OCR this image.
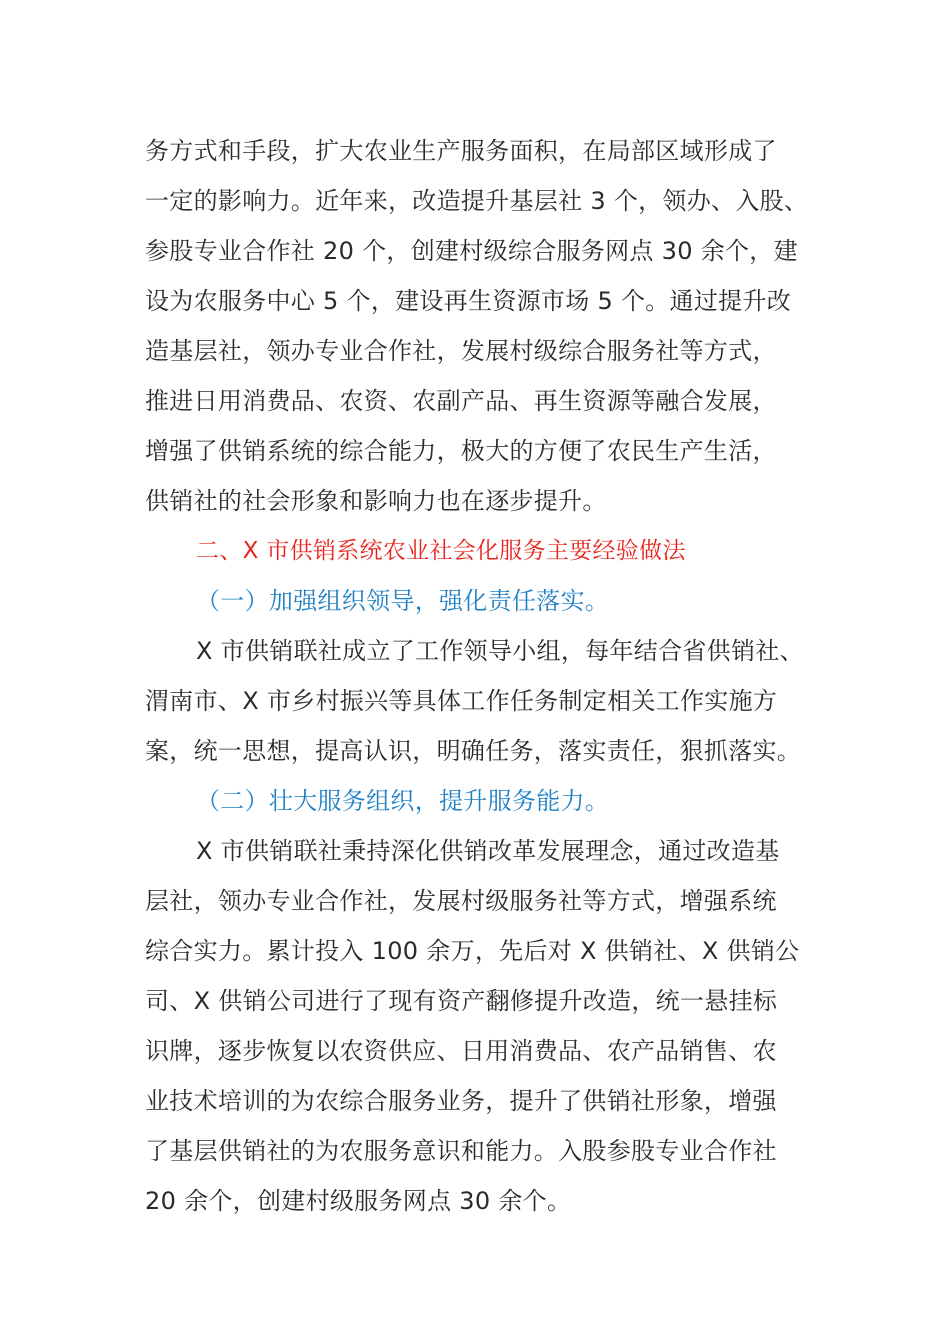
务方式和手段，扩大农业生产服务面积，在局部区域形成了
一定的影响力。近年来，改造提升基层社 3 个，领办、入股、
参股专业合作社 20 个，创建村级综合服务网点 30 余个，建
设为农服务中心 5 个，建设再生资源市场 5 个。通过提升改
造基层社，领办专业合作社，发展村级综合服务社等方式，
推进日用消费品、农资、农副产品、再生资源等融合发展，
增强了供销系统的综合能力，极大的方便了农民生产生活，
供销社的社会形象和影响力也在逐步提升。
二、X 市供销系统农业社会化服务主要经验做法
（一）加强组织领导，强化责任落实。
X 市供销联社成立了工作领导小组，每年结合省供销社、
渭南市、X 市乡村振兴等具体工作任务制定相关工作实施方
案，统一思想，提高认识，明确任务，落实责任，狠抓落实。
（二）壮大服务组织，提升服务能力。
X 市供销联社秉持深化供销改革发展理念，通过改造基
层社，领办专业合作社，发展村级服务社等方式，增强系统
综合实力。累计投入 100 余万，先后对 X 供销社、X 供销公
司、X 供销公司进行了现有资产翻修提升改造，统一悬挂标
识牌，逐步恢复以农资供应、日用消费品、农产品销售、农
业技术培训的为农综合服务业务，提升了供销社形象，增强
了基层供销社的为农服务意识和能力。入股参股专业合作社
20 余个，创建村级服务网点 30 余个。
